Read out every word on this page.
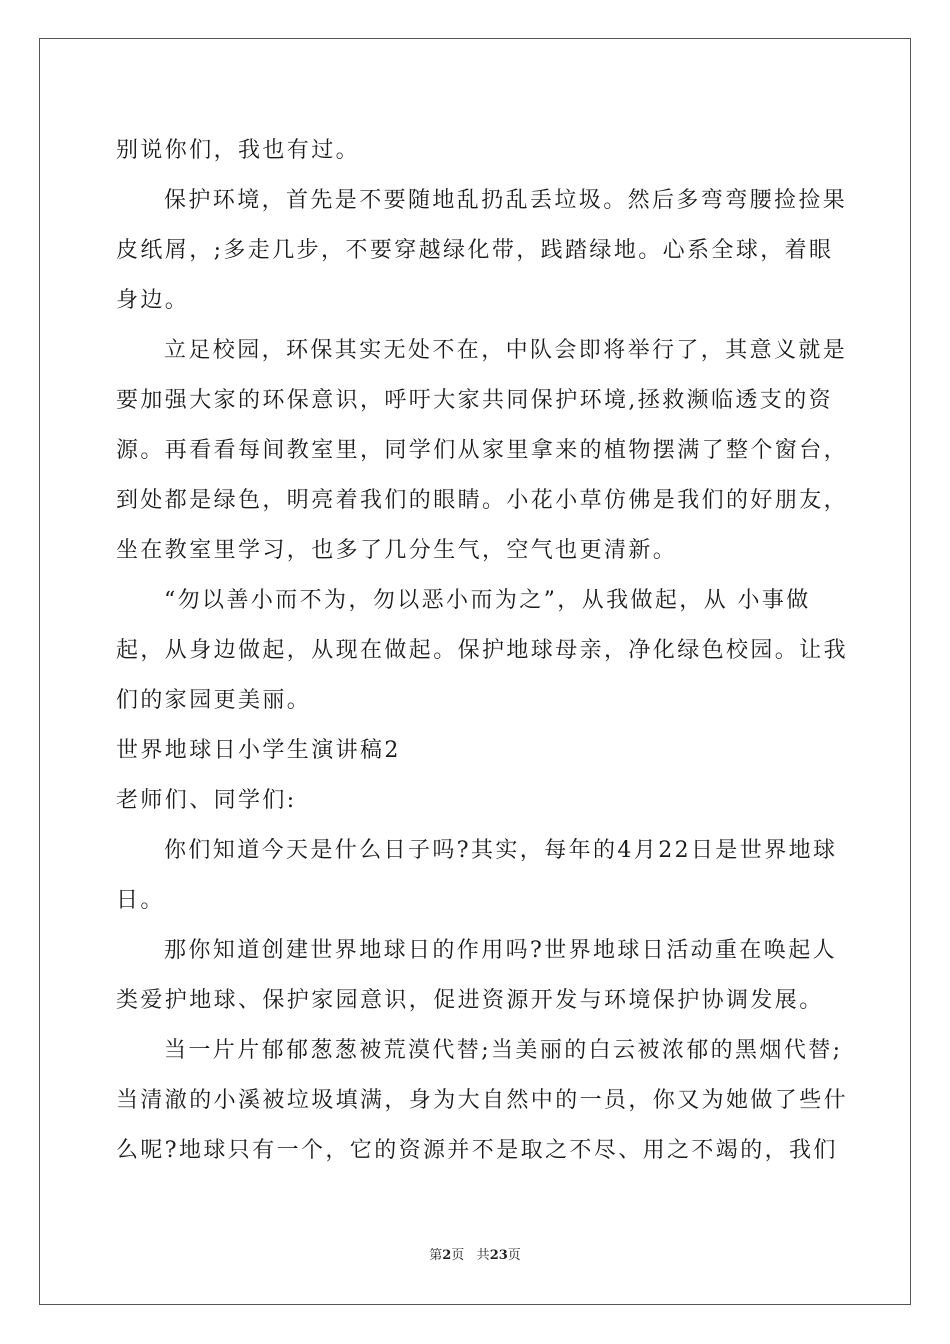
别说你们，我也有过。
保护环境，首先是不要随地乱扔乱丢垃圾。然后多弯弯腰捡捡果
皮纸屑，;多走几步，不要穿越绿化带，践踏绿地。心系全球，着眼
身边。
立足校园，环保其实无处不在，中队会即将举行了，其意义就是
要加强大家的环保意识，呼吁大家共同保护环境,拯救濒临透支的资
源。再看看每间教室里，同学们从家里拿来的植物摆满了整个窗台，
到处都是绿色，明亮着我们的眼睛。小花小草仿佛是我们的好朋友，
坐在教室里学习，也多了几分生气，空气也更清新。
“勿以善小而不为，勿以恶小而为之”，从我做起，从 小事做
起，从身边做起，从现在做起。保护地球母亲，净化绿色校园。让我
们的家园更美丽。
世界地球日小学生演讲稿2
老师们、同学们:
你们知道今天是什么日子吗?其实，每年的4月22日是世界地球
日。
那你知道创建世界地球日的作用吗?世界地球日活动重在唤起人
类爱护地球、保护家园意识，促进资源开发与环境保护协调发展。
当一片片郁郁葱葱被荒漠代替;当美丽的白云被浓郁的黑烟代替;
当清澈的小溪被垃圾填满，身为大自然中的一员，你又为她做了些什
么呢?地球只有一个，它的资源并不是取之不尽、用之不竭的，我们
第2页 共23页
